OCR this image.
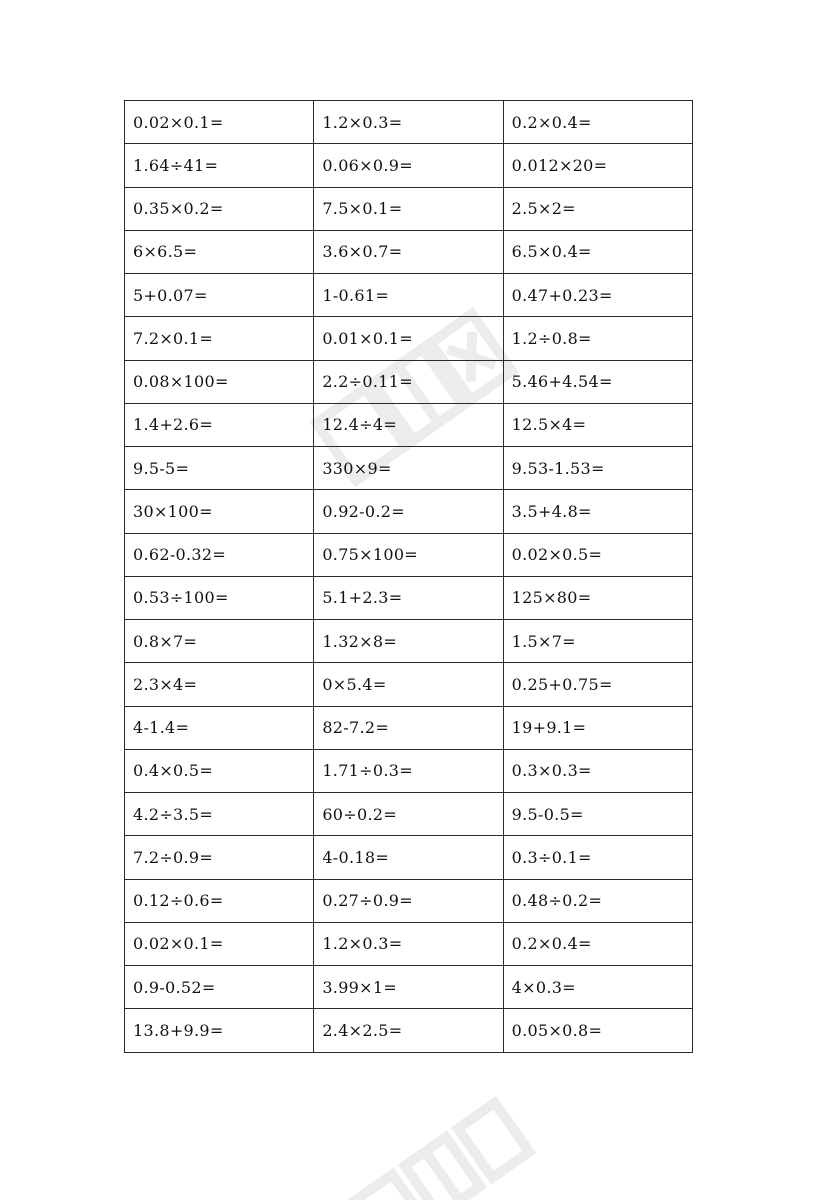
0.02×0.1=	1.2×0.3=	0.2×0.4=
1.64÷41=	0.06×0.9=	0.012×20=
0.35×0.2=	7.5×0.1=	2.5×2=
6×6.5=	3.6×0.7=	6.5×0.4=
5+0.07=	1-0.61=	0.47+0.23=
7.2×0.1=	0.01×0.1=	1.2÷0.8=
0.08×100=	2.2÷0.11=	5.46+4.54=
1.4+2.6=	12.4÷4=	12.5×4=
9.5-5=	330×9=	9.53-1.53=
30×100=	0.92-0.2=	3.5+4.8=
0.62-0.32=	0.75×100=	0.02×0.5=
0.53÷100=	5.1+2.3=	125×80=
0.8×7=	1.32×8=	1.5×7=
2.3×4=	0×5.4=	0.25+0.75=
4-1.4=	82-7.2=	19+9.1=
0.4×0.5=	1.71÷0.3=	0.3×0.3=
4.2÷3.5=	60÷0.2=	9.5-0.5=
7.2÷0.9=	4-0.18=	0.3÷0.1=
0.12÷0.6=	0.27÷0.9=	0.48÷0.2=
0.02×0.1=	1.2×0.3=	0.2×0.4=
0.9-0.52=	3.99×1=	4×0.3=
13.8+9.9=	2.4×2.5=	0.05×0.8=
